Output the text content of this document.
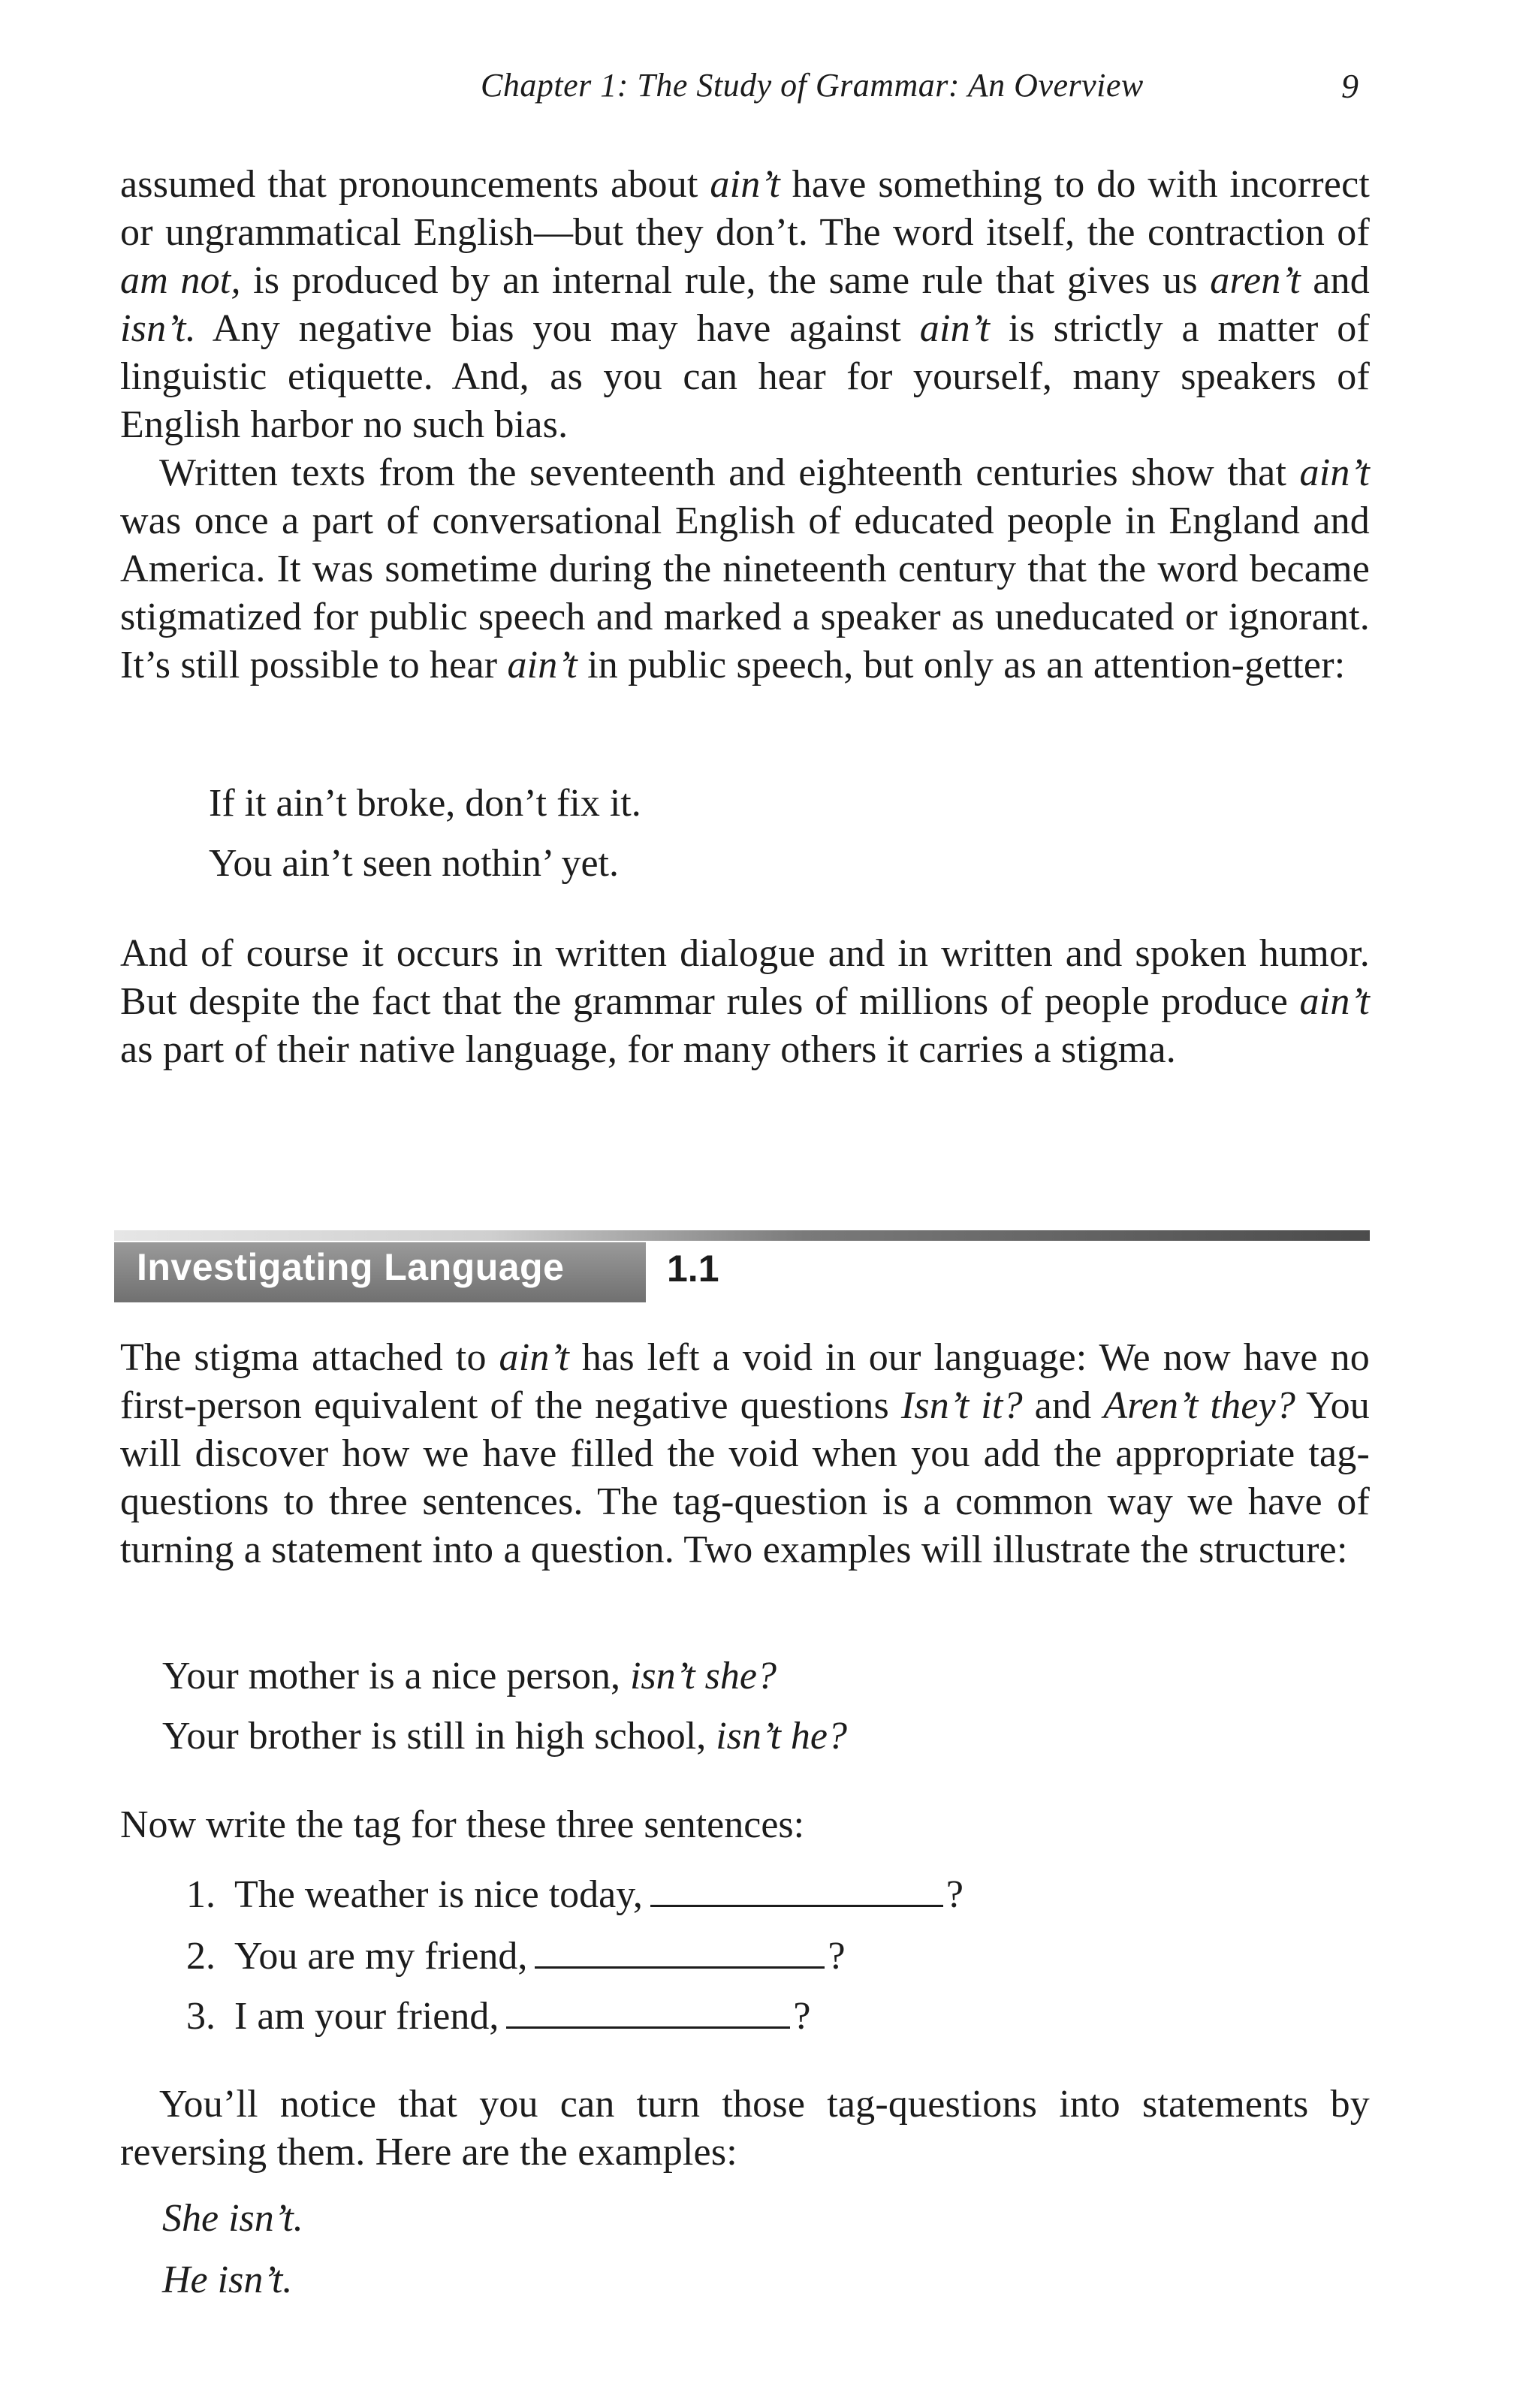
Chapter 1: The Study of Grammar: An Overview	9

assumed that pronouncements about ain’t have something to do with incorrect or ungrammatical English—but they don’t. The word itself, the contraction of am not, is produced by an internal rule, the same rule that gives us aren’t and isn’t. Any negative bias you may have against ain’t is strictly a matter of linguistic etiquette. And, as you can hear for yourself, many speakers of English harbor no such bias.

Written texts from the seventeenth and eighteenth centuries show that ain’t was once a part of conversational English of educated people in England and America. It was sometime during the nineteenth century that the word became stigmatized for public speech and marked a speaker as uneducated or ignorant. It’s still possible to hear ain’t in public speech, but only as an attention-getter:

If it ain’t broke, don’t fix it.
You ain’t seen nothin’ yet.

And of course it occurs in written dialogue and in written and spoken humor. But despite the fact that the grammar rules of millions of people produce ain’t as part of their native language, for many others it carries a stigma.

Investigating Language	1.1

The stigma attached to ain’t has left a void in our language: We now have no first-person equivalent of the negative questions Isn’t it? and Aren’t they? You will discover how we have filled the void when you add the appropriate tag-questions to three sentences. The tag-question is a common way we have of turning a statement into a question. Two examples will illustrate the structure:

Your mother is a nice person, isn’t she?
Your brother is still in high school, isn’t he?
Now write the tag for these three sentences:
1. The weather is nice today,	?
2. You are my friend,	?
3. I am your friend,	?

You’ll notice that you can turn those tag-questions into statements by reversing them. Here are the examples:

She isn’t.
He isn’t.
